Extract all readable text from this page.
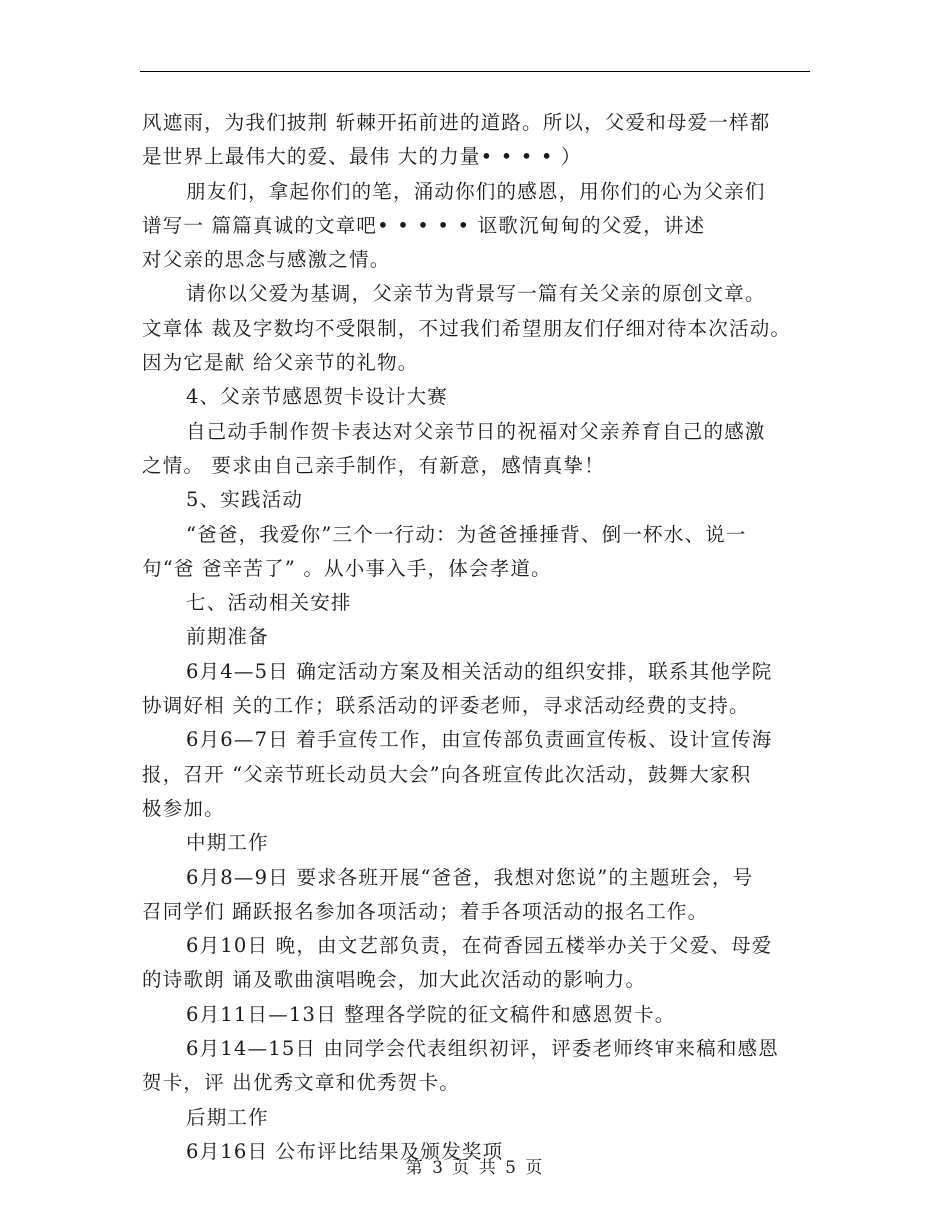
风遮雨，为我们披荆 斩棘开拓前进的道路。所以，父爱和母爱一样都
是世界上最伟大的爱、最伟 大的力量• • • • ）
朋友们，拿起你们的笔，涌动你们的感恩，用你们的心为父亲们
谱写一 篇篇真诚的文章吧• • • • • 讴歌沉甸甸的父爱，讲述
对父亲的思念与感激之情。
请你以父爱为基调，父亲节为背景写一篇有关父亲的原创文章。
文章体 裁及字数均不受限制，不过我们希望朋友们仔细对待本次活动。
因为它是献 给父亲节的礼物。
4、父亲节感恩贺卡设计大赛
自己动手制作贺卡表达对父亲节日的祝福对父亲养育自己的感激
之情。 要求由自己亲手制作，有新意，感情真挚！
5、实践活动
“爸爸，我爱你”三个一行动：为爸爸捶捶背、倒一杯水、说一
句“爸 爸辛苦了” 。从小事入手，体会孝道。
七、活动相关安排
前期准备
6月4—5日 确定活动方案及相关活动的组织安排，联系其他学院
协调好相 关的工作；联系活动的评委老师，寻求活动经费的支持。
6月6—7日 着手宣传工作，由宣传部负责画宣传板、设计宣传海
报，召开 “父亲节班长动员大会”向各班宣传此次活动，鼓舞大家积
极参加。
中期工作
6月8—9日 要求各班开展“爸爸，我想对您说”的主题班会，号
召同学们 踊跃报名参加各项活动；着手各项活动的报名工作。
6月10日 晚，由文艺部负责，在荷香园五楼举办关于父爱、母爱
的诗歌朗 诵及歌曲演唱晚会，加大此次活动的影响力。
6月11日—13日 整理各学院的征文稿件和感恩贺卡。
6月14—15日 由同学会代表组织初评，评委老师终审来稿和感恩
贺卡，评 出优秀文章和优秀贺卡。
后期工作
6月16日 公布评比结果及颁发奖项
第 3 页 共 5 页
